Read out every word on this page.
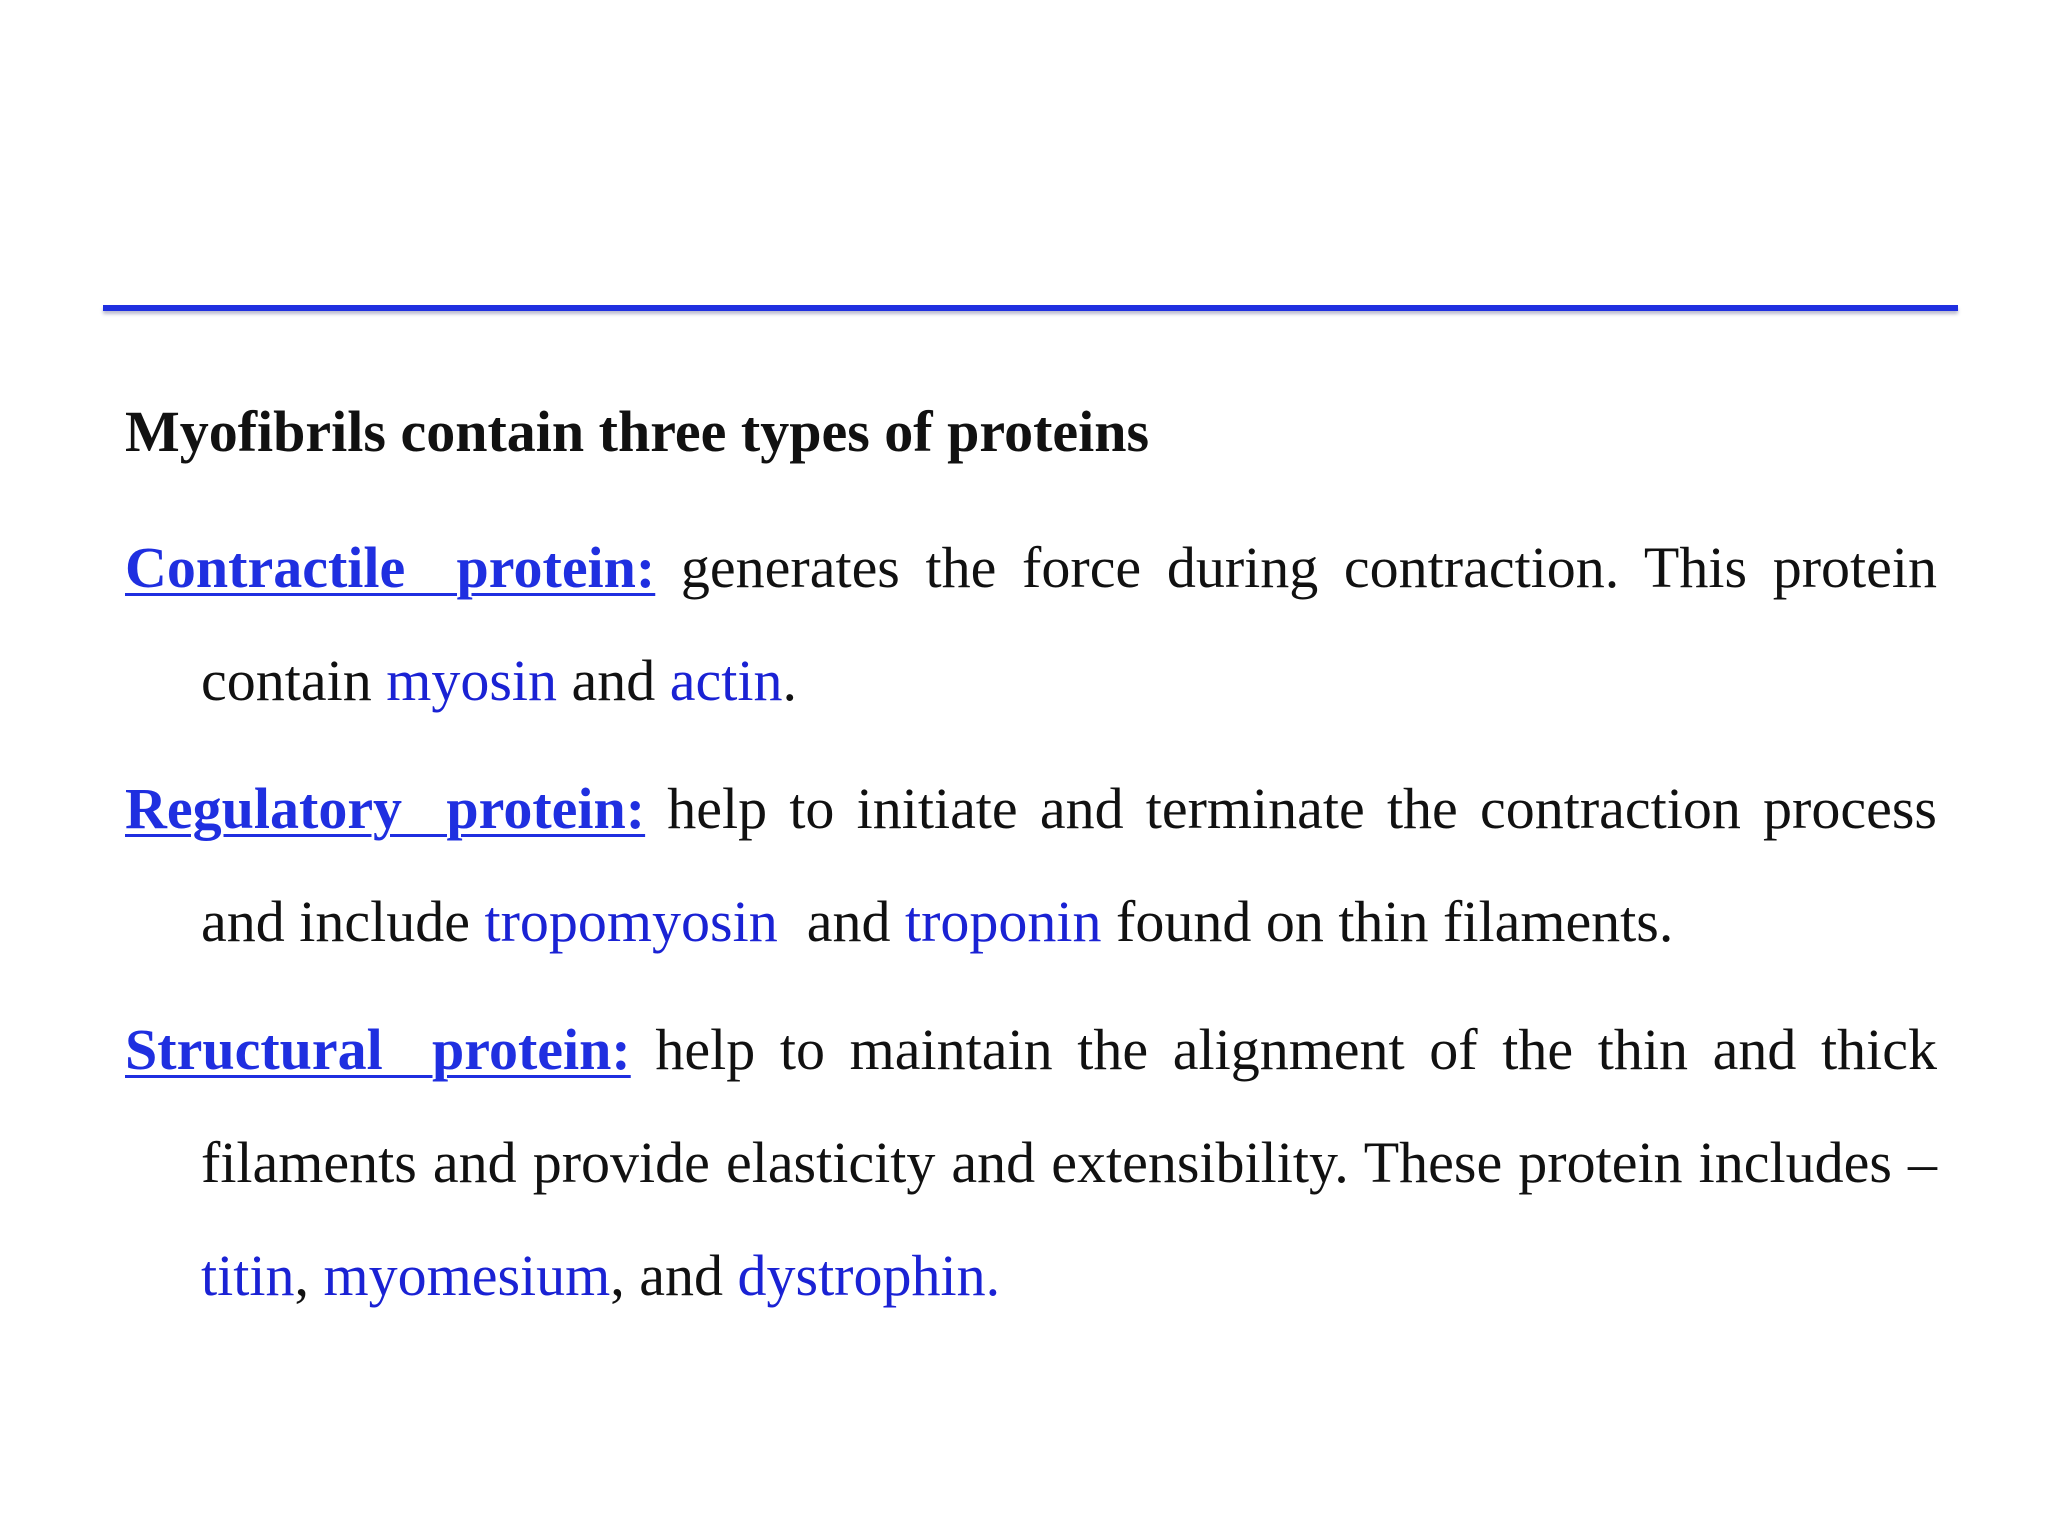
Myofibrils contain three types of proteins

Contractile  protein: generates the force during contraction. This protein contain myosin and actin.

Regulatory  protein: help to initiate and terminate the contraction process and include tropomyosin  and troponin found on thin filaments.

Structural  protein: help to maintain the alignment of the thin and thick filaments and provide elasticity and extensibility. These protein includes – titin, myomesium, and dystrophin.
